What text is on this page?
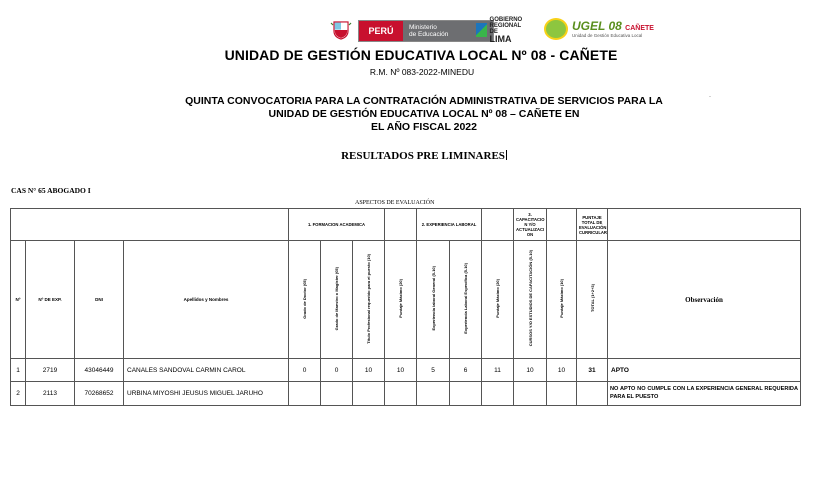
PERÚ	Ministerio
de Educación
GOBIERNO
REGIONAL DE
LIMA
UGEL 08 CAÑETE
Unidad de Gestión Educativa Local
UNIDAD DE GESTIÓN EDUCATIVA LOCAL Nº 08 - CAÑETE
R.M. Nº 083-2022-MINEDU
QUINTA CONVOCATORIA PARA LA CONTRATACIÓN ADMINISTRATIVA DE SERVICIOS PARA LA
UNIDAD DE GESTIÓN EDUCATIVA LOCAL Nº 08 – CAÑETE EN
EL AÑO FISCAL 2022
·
RESULTADOS PRE LIMINARES
CAS N° 65 ABOGADO I
ASPECTOS DE EVALUACIÓN
				1. FORMACION ACADEMICA				2. EXPERIENCIA LABORAL			3. CAPACITACIO N Y/O ACTUALIZACI ON		PUNTAJE TOTAL DE EVALUACIÓN CURRICULAR	
Nº	Nº DE EXP.	DNI	Apellidos y Nombres	Grado de Doctor (05)	Grado de Maestro o Magister (05)	Título Profesional requerido para el puesto (10)	Puntaje Máximo (20)	Experiencia laboral General (5-10)	Experiencia Laboral Específica (5-10)	Puntaje Máximo (20)	CURSOS Y/O ESTUDIOS DE CAPACITACIÓN (5-10)	Puntaje Máximo (10)	TOTAL (1+2+3)	Observación
1	2719	43046449	CANALES SANDOVAL CARMIN CAROL	0	0	10	10	5	6	11	10	10	31	APTO
2	2113	70268652	URBINA MIYOSHI JEUSUS MIGUEL JARUHO											NO APTO NO CUMPLE CON LA EXPERIENCIA GENERAL REQUERIDA PARA EL PUESTO
